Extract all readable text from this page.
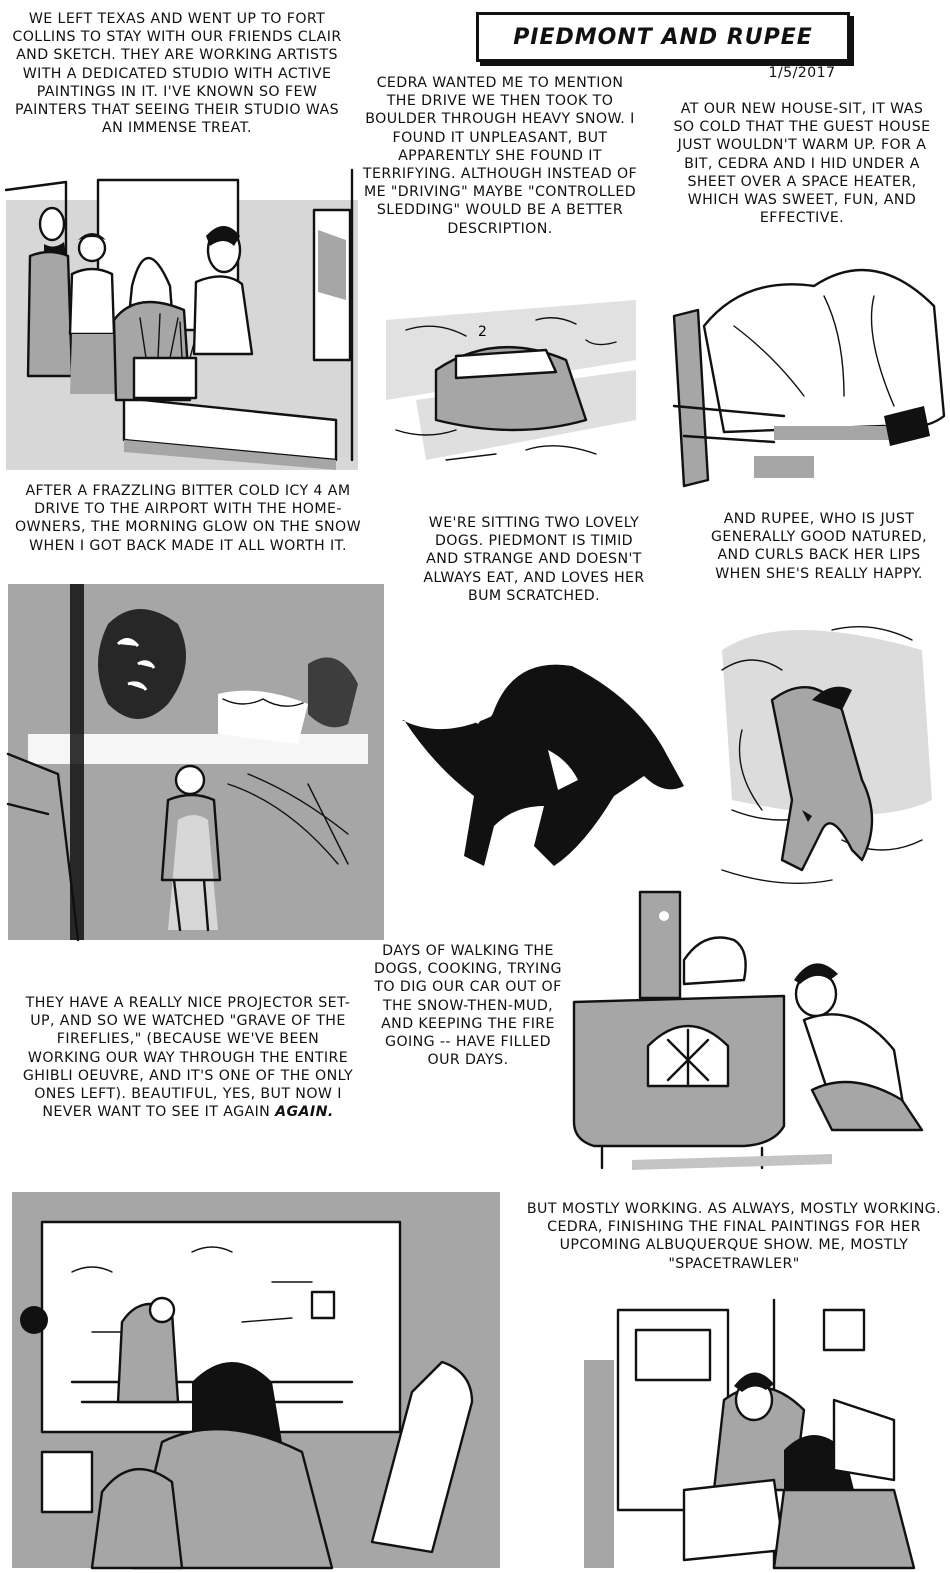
PIEDMONT AND RUPEE

WE LEFT TEXAS AND WENT UP TO FORT COLLINS TO STAY WITH OUR FRIENDS CLAIR AND SKETCH. THEY ARE WORKING ARTISTS WITH A DEDICATED STUDIO WITH ACTIVE PAINTINGS IN IT. I'VE KNOWN SO FEW PAINTERS THAT SEEING THEIR STUDIO WAS AN IMMENSE TREAT.

CEDRA WANTED ME TO MENTION THE DRIVE WE THEN TOOK TO BOULDER THROUGH HEAVY SNOW. I FOUND IT UNPLEASANT, BUT APPARENTLY SHE FOUND IT TERRIFYING. ALTHOUGH INSTEAD OF ME "DRIVING" MAYBE "CONTROLLED SLEDDING" WOULD BE A BETTER DESCRIPTION.

1/5/2017

AT OUR NEW HOUSE-SIT, IT WAS SO COLD THAT THE GUEST HOUSE JUST WOULDN'T WARM UP. FOR A BIT, CEDRA AND I HID UNDER A SHEET OVER A SPACE HEATER, WHICH WAS SWEET, FUN, AND EFFECTIVE.

AFTER A FRAZZLING BITTER COLD ICY 4 AM DRIVE TO THE AIRPORT WITH THE HOME-OWNERS, THE MORNING GLOW ON THE SNOW WHEN I GOT BACK MADE IT ALL WORTH IT.

WE'RE SITTING TWO LOVELY DOGS. PIEDMONT IS TIMID AND STRANGE AND DOESN'T ALWAYS EAT, AND LOVES HER BUM SCRATCHED.

AND RUPEE, WHO IS JUST GENERALLY GOOD NATURED, AND CURLS BACK HER LIPS WHEN SHE'S REALLY HAPPY.

DAYS OF WALKING THE DOGS, COOKING, TRYING TO DIG OUR CAR OUT OF THE SNOW-THEN-MUD, AND KEEPING THE FIRE GOING -- HAVE FILLED OUR DAYS.

THEY HAVE A REALLY NICE PROJECTOR SET-UP, AND SO WE WATCHED "GRAVE OF THE FIREFLIES," (BECAUSE WE'VE BEEN WORKING OUR WAY THROUGH THE ENTIRE GHIBLI OEUVRE, AND IT'S ONE OF THE ONLY ONES LEFT). BEAUTIFUL, YES, BUT NOW I NEVER WANT TO SEE IT AGAIN AGAIN.

BUT MOSTLY WORKING. AS ALWAYS, MOSTLY WORKING. CEDRA, FINISHING THE FINAL PAINTINGS FOR HER UPCOMING ALBUQUERQUE SHOW. ME, MOSTLY "SPACETRAWLER"

2
